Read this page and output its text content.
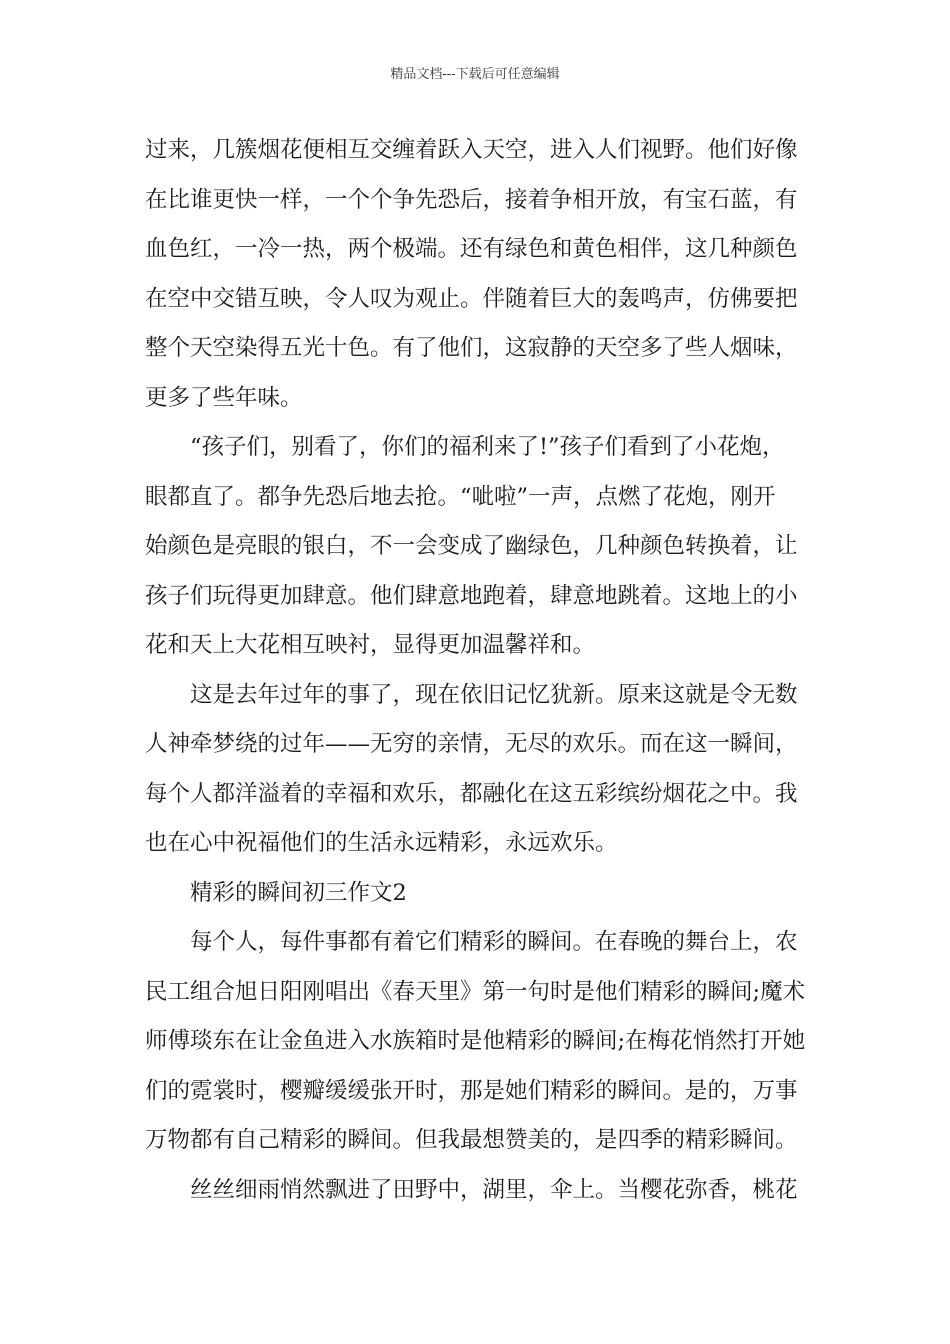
精品文档---下载后可任意编辑
过来，几簇烟花便相互交缠着跃入天空，进入人们视野。他们好像
在比谁更快一样，一个个争先恐后，接着争相开放，有宝石蓝，有
血色红，一冷一热，两个极端。还有绿色和黄色相伴，这几种颜色
在空中交错互映，令人叹为观止。伴随着巨大的轰鸣声，仿佛要把
整个天空染得五光十色。有了他们，这寂静的天空多了些人烟味，
更多了些年味。
“孩子们，别看了，你们的福利来了!”孩子们看到了小花炮，
眼都直了。都争先恐后地去抢。“呲啦”一声，点燃了花炮，刚开
始颜色是亮眼的银白，不一会变成了幽绿色，几种颜色转换着，让
孩子们玩得更加肆意。他们肆意地跑着，肆意地跳着。这地上的小
花和天上大花相互映衬，显得更加温馨祥和。
这是去年过年的事了，现在依旧记忆犹新。原来这就是令无数
人神牵梦绕的过年——无穷的亲情，无尽的欢乐。而在这一瞬间，
每个人都洋溢着的幸福和欢乐，都融化在这五彩缤纷烟花之中。我
也在心中祝福他们的生活永远精彩，永远欢乐。
精彩的瞬间初三作文2
每个人，每件事都有着它们精彩的瞬间。在春晚的舞台上，农
民工组合旭日阳刚唱出《春天里》第一句时是他们精彩的瞬间;魔术
师傅琰东在让金鱼进入水族箱时是他精彩的瞬间;在梅花悄然打开她
们的霓裳时，樱瓣缓缓张开时，那是她们精彩的瞬间。是的，万事
万物都有自己精彩的瞬间。但我最想赞美的，是四季的精彩瞬间。
丝丝细雨悄然飘进了田野中，湖里，伞上。当樱花弥香，桃花
